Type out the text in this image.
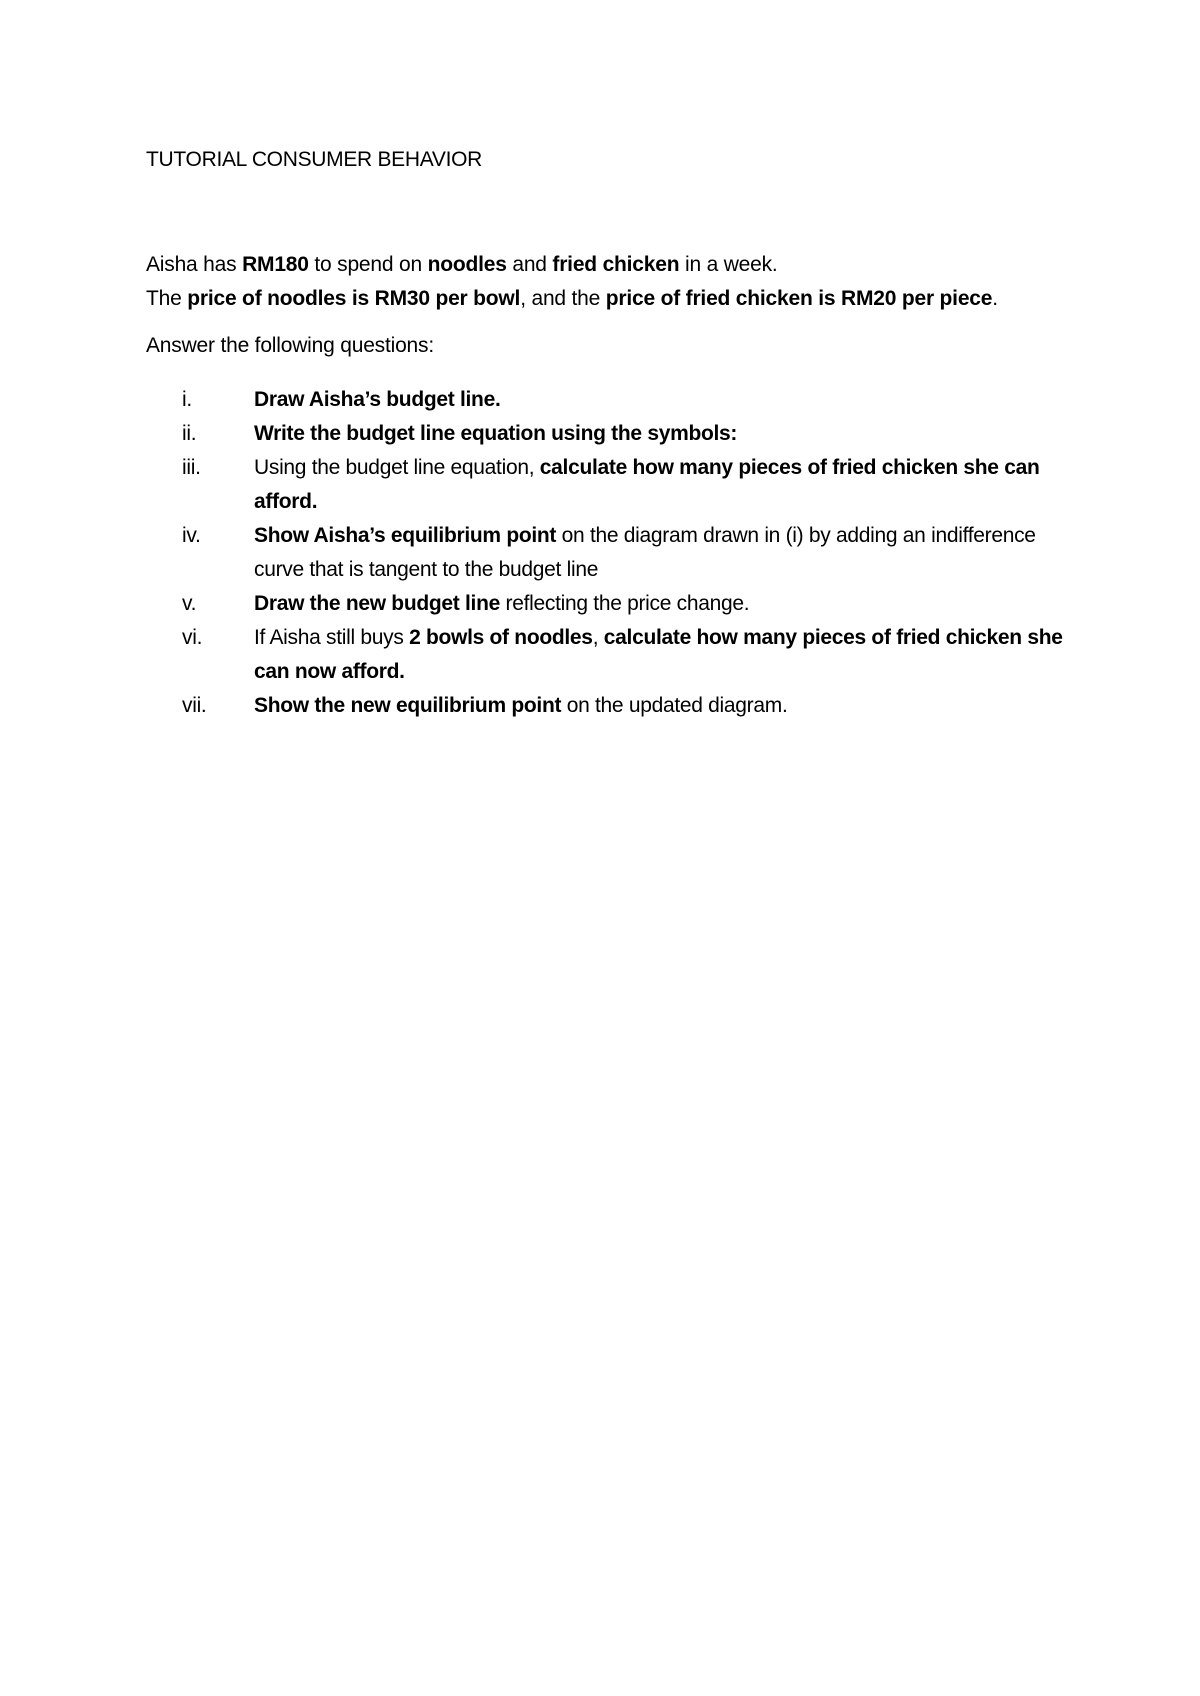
TUTORIAL CONSUMER BEHAVIOR

Aisha has RM180 to spend on noodles and fried chicken in a week.

The price of noodles is RM30 per bowl, and the price of fried chicken is RM20 per piece.

Answer the following questions:
i.	Draw Aisha’s budget line.
ii.	Write the budget line equation using the symbols:
iii.	Using the budget line equation, calculate how many pieces of fried chicken she can afford.
iv.	Show Aisha’s equilibrium point on the diagram drawn in (i) by adding an indifference curve that is tangent to the budget line
v.	Draw the new budget line reflecting the price change.
vi.	If Aisha still buys 2 bowls of noodles, calculate how many pieces of fried chicken she can now afford.
vii.	Show the new equilibrium point on the updated diagram.
